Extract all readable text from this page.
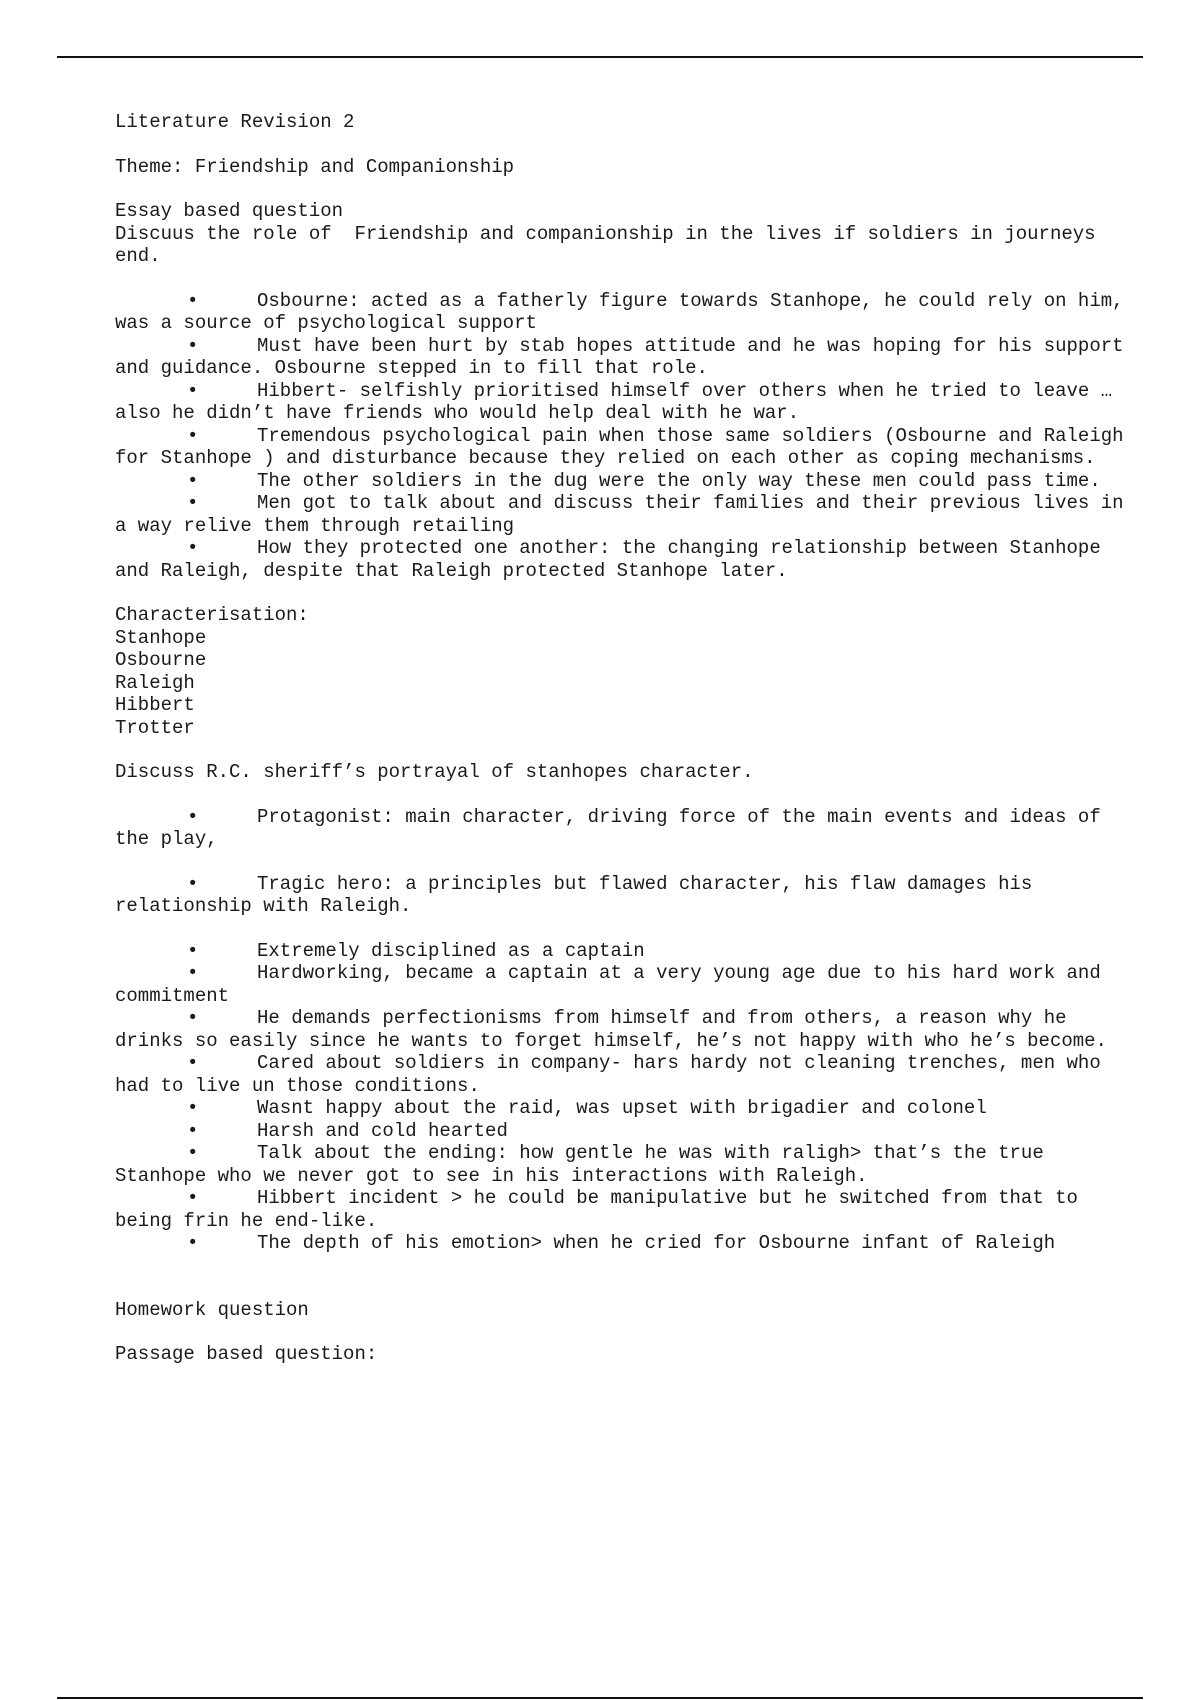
Literature Revision 2
Theme: Friendship and Companionship
Essay based question
Discuus the role of  Friendship and companionship in the lives if soldiers in journeys end.
•	Osbourne: acted as a fatherly figure towards Stanhope, he could rely on him, was a source of psychological support
•	Must have been hurt by stab hopes attitude and he was hoping for his support and guidance. Osbourne stepped in to fill that role.
•	Hibbert- selfishly prioritised himself over others when he tried to leave …also he didn’t have friends who would help deal with he war.
•	Tremendous psychological pain when those same soldiers (Osbourne and Raleigh for Stanhope ) and disturbance because they relied on each other as coping mechanisms.
•	The other soldiers in the dug were the only way these men could pass time.
•	Men got to talk about and discuss their families and their previous lives in a way relive them through retailing
•	How they protected one another: the changing relationship between Stanhope and Raleigh, despite that Raleigh protected Stanhope later.
Characterisation:
Stanhope
Osbourne
Raleigh
Hibbert
Trotter
Discuss R.C. sheriff’s portrayal of stanhopes character.
•	Protagonist: main character, driving force of the main events and ideas of the play,
•	Tragic hero: a principles but flawed character, his flaw damages his relationship with Raleigh.
•	Extremely disciplined as a captain
•	Hardworking, became a captain at a very young age due to his hard work and commitment
•	He demands perfectionisms from himself and from others, a reason why he drinks so easily since he wants to forget himself, he’s not happy with who he’s become.
•	Cared about soldiers in company- hars hardy not cleaning trenches, men who had to live un those conditions.
•	Wasnt happy about the raid, was upset with brigadier and colonel
•	Harsh and cold hearted
•	Talk about the ending: how gentle he was with raligh> that’s the true Stanhope who we never got to see in his interactions with Raleigh.
•	Hibbert incident > he could be manipulative but he switched from that to being frin he end-like.
•	The depth of his emotion> when he cried for Osbourne infant of Raleigh
Homework question
Passage based question:
